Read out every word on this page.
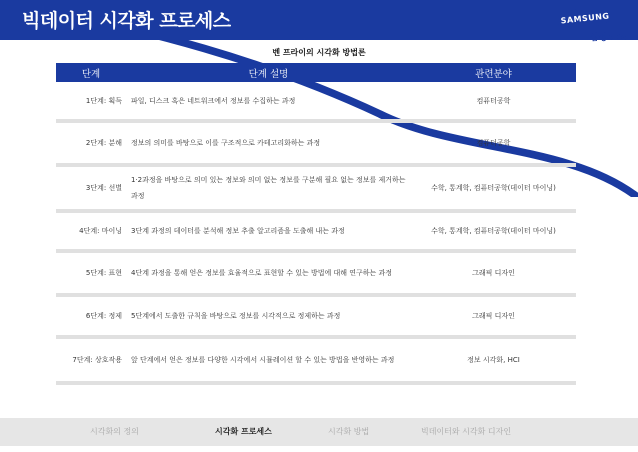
빅데이터 시각화 프로세스	SAMSUNG
삼성SDS
벤 프라이의 시각화 방법론
단계	단계 설명	관련분야
1단계: 획득	파일, 디스크 혹은 네트워크에서 정보를 수집하는 과정	컴퓨터공학
2단계: 분해	정보의 의미를 바탕으로 이를 구조적으로 카테고리화하는 과정	컴퓨터공학
3단계: 선별	1·2과정을 바탕으로 의미 있는 정보와 의미 없는 정보를 구분해 필요 없는 정보를 제거하는 과정	수학, 통계학, 컴퓨터공학(데이터 마이닝)
4단계: 마이닝	3단계 과정의 데이터를 분석해 정보 추출 알고리즘을 도출해 내는 과정	수학, 통계학, 컴퓨터공학(데이터 마이닝)
5단계: 표현	4단계 과정을 통해 얻은 정보를 효율적으로 표현할 수 있는 방법에 대해 연구하는 과정	그래픽 디자인
6단계: 정제	5단계에서 도출한 규칙을 바탕으로 정보를 시각적으로 정제하는 과정	그래픽 디자인
7단계: 상호작용	앞 단계에서 얻은 정보를 다양한 시각에서 시뮬레이션 할 수 있는 방법을 반영하는 과정	정보 시각화, HCI
시각화의 정의	시각화 프로세스	시각화 방법	빅데이터와 시각화 디자인
